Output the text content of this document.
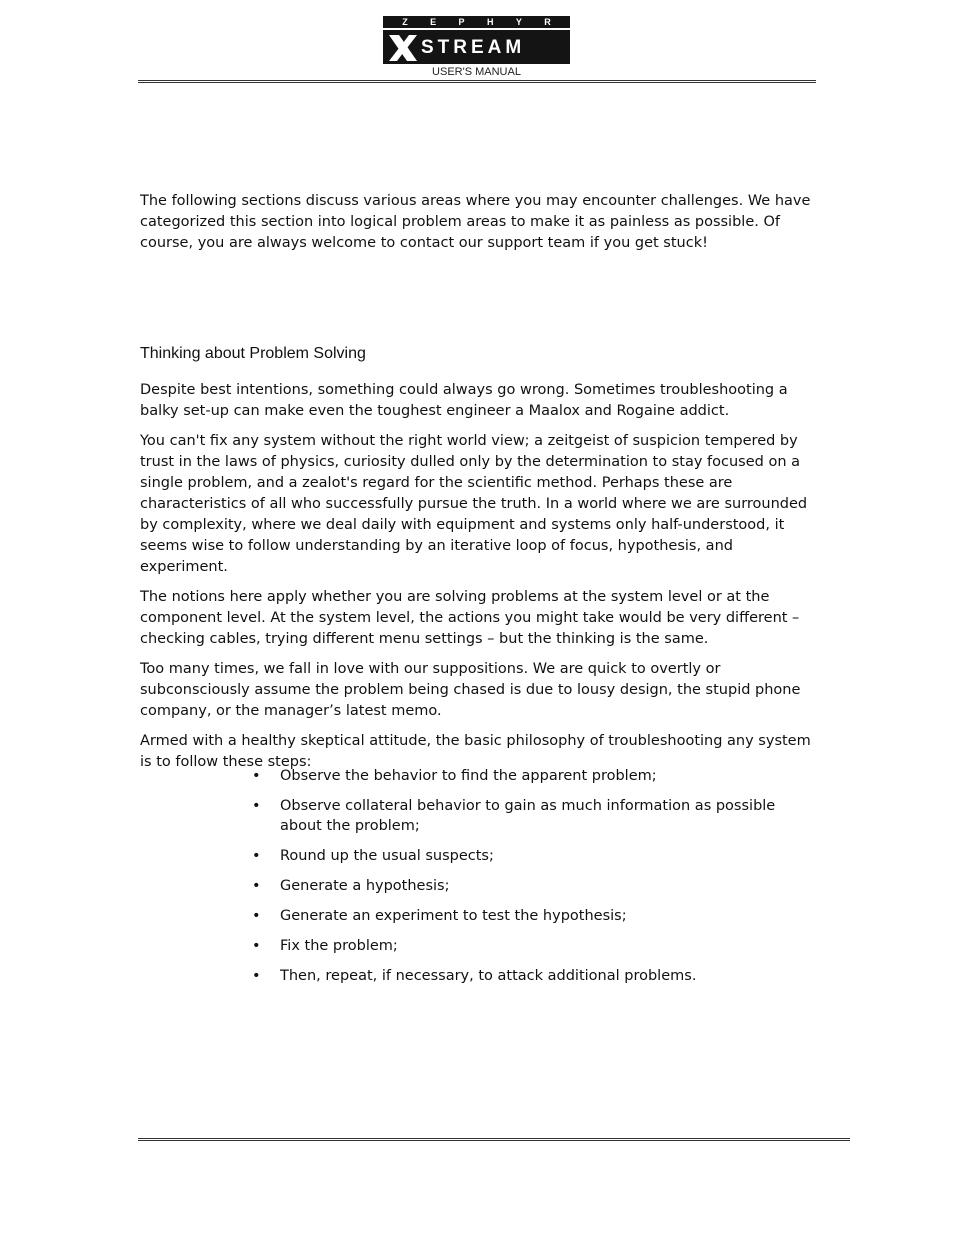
Z E P H Y R
STREAM
USER'S MANUAL

The following sections discuss various areas where you may encounter challenges. We have categorized this section into logical problem areas to make it as painless as possible. Of course, you are always welcome to contact our support team if you get stuck!

Thinking about Problem Solving

Despite best intentions, something could always go wrong. Sometimes troubleshooting a balky set-up can make even the toughest engineer a Maalox and Rogaine addict.

You can't fix any system without the right world view; a zeitgeist of suspicion tempered by trust in the laws of physics, curiosity dulled only by the determination to stay focused on a single problem, and a zealot's regard for the scientific method. Perhaps these are characteristics of all who successfully pursue the truth. In a world where we are surrounded by complexity, where we deal daily with equipment and systems only half-understood, it seems wise to follow understanding by an iterative loop of focus, hypothesis, and experiment.

The notions here apply whether you are solving problems at the system level or at the component level. At the system level, the actions you might take would be very different – checking cables, trying different menu settings – but the thinking is the same.

Too many times, we fall in love with our suppositions. We are quick to overtly or subconsciously assume the problem being chased is due to lousy design, the stupid phone company, or the manager’s latest memo.

Armed with a healthy skeptical attitude, the basic philosophy of troubleshooting any system is to follow these steps:

• Observe the behavior to find the apparent problem;
• Observe collateral behavior to gain as much information as possible about the problem;
• Round up the usual suspects;
• Generate a hypothesis;
• Generate an experiment to test the hypothesis;
• Fix the problem;
• Then, repeat, if necessary, to attack additional problems.
